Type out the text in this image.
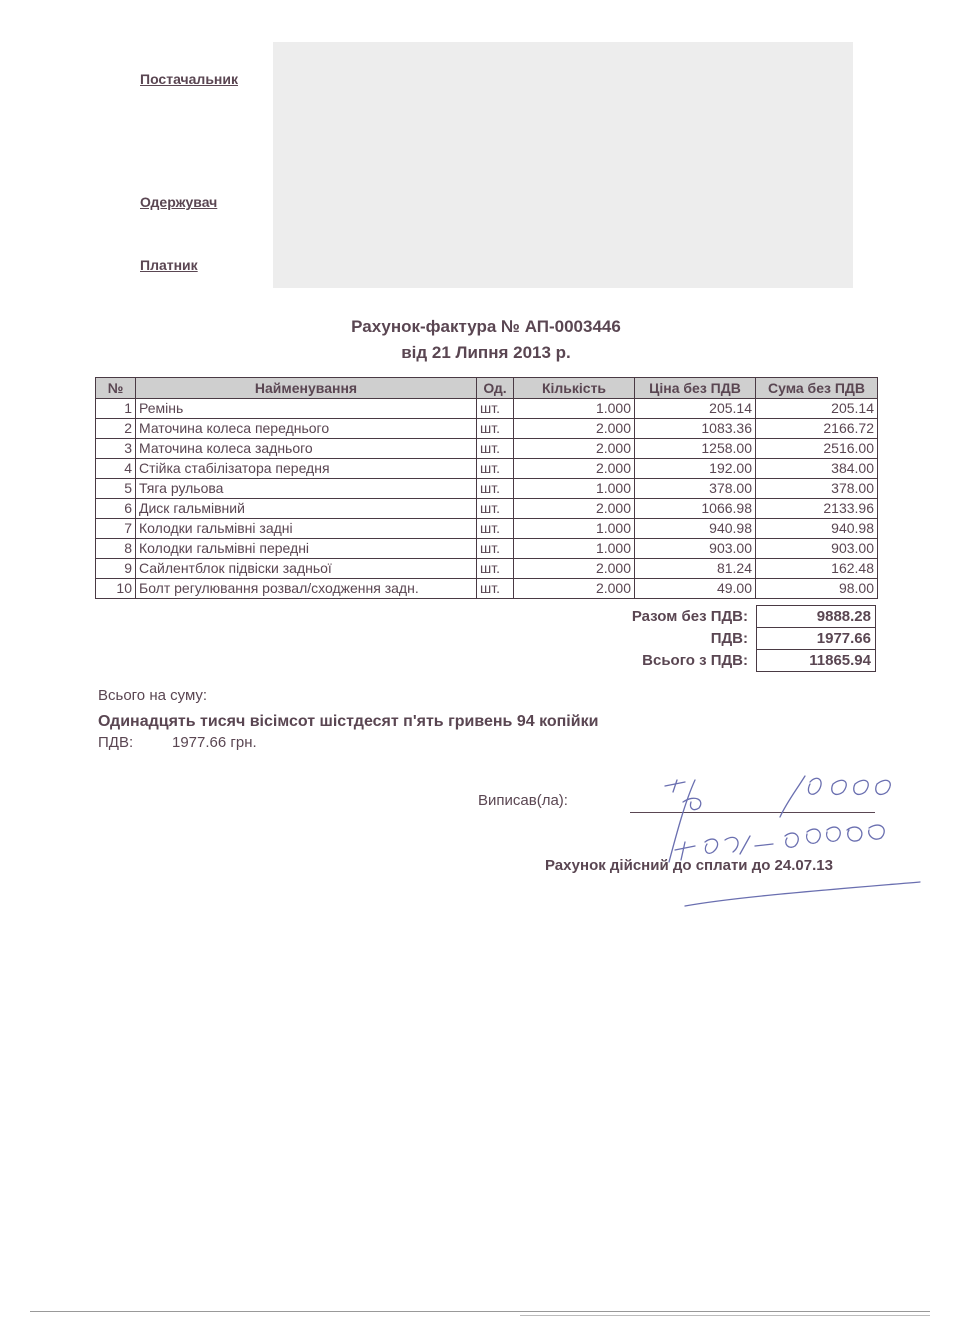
Постачальник
Одержувач
Платник
Рахунок-фактура № АП-0003446
від 21 Липня 2013 р.
№	Найменування	Од.	Кількість	Ціна без ПДВ	Сума без ПДВ
1	Ремінь	шт.	1.000	205.14	205.14
2	Маточина колеса переднього	шт.	2.000	1083.36	2166.72
3	Маточина колеса заднього	шт.	2.000	1258.00	2516.00
4	Стійка стабілізатора передня	шт.	2.000	192.00	384.00
5	Тяга рульова	шт.	1.000	378.00	378.00
6	Диск гальмівний	шт.	2.000	1066.98	2133.96
7	Колодки гальмівні задні	шт.	1.000	940.98	940.98
8	Колодки гальмівні передні	шт.	1.000	903.00	903.00
9	Сайлентблок підвіски задньої	шт.	2.000	81.24	162.48
10	Болт регулювання розвал/сходження задн.	шт.	2.000	49.00	98.00
Разом без ПДВ:	9888.28
ПДВ:	1977.66
Всього з ПДВ:	11865.94
Всього на суму:
Одинадцять тисяч вісімсот шістдесят п'ять гривень 94 копійки
ПДВ:	1977.66 грн.
Виписав(ла):
Рахунок дійсний до сплати до 24.07.13
